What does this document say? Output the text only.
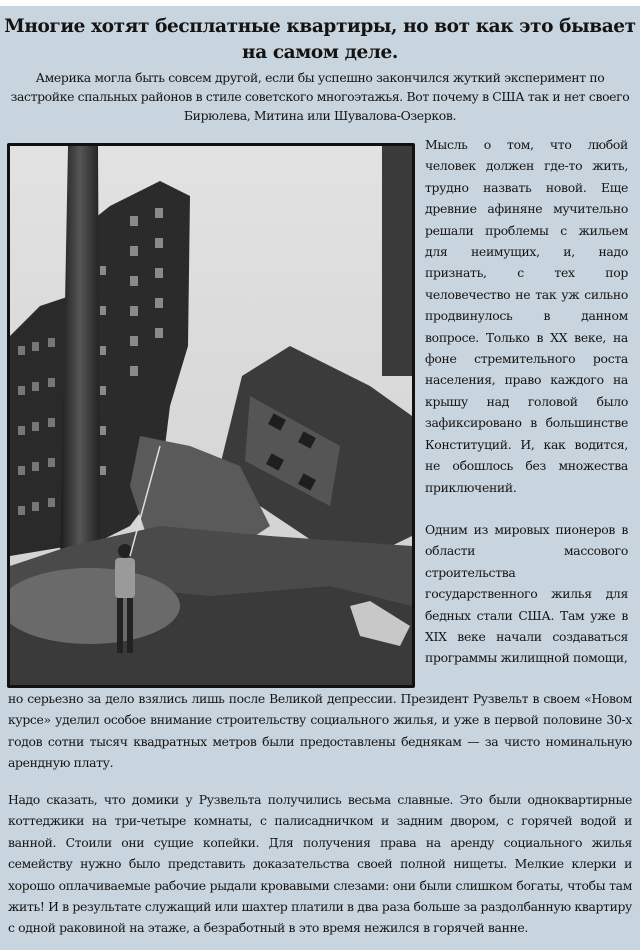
Многие хотят бесплатные квартиры, но вот как это бывает на самом деле.
Америка могла быть совсем другой, если бы успешно закончился жуткий эксперимент по застройке спальных районов в стиле советского многоэтажья. Вот почему в США так и нет своего Бирюлева, Митина или Шувалова-Озерков.

Мысль о том, что любой человек должен где-то жить, трудно назвать новой. Еще древние афиняне мучительно решали проблемы с жильем для неимущих, и, надо признать, с тех пор человечество не так уж сильно продвинулось в данном вопросе. Только в XX веке, на фоне стремительного роста населения, право каждого на крышу над головой было зафиксировано в большинстве Конституций. И, как водится, не обошлось без множества приключений.

Одним из мировых пионеров в области массового строительства государственного жилья для бедных стали США. Там уже в XIX веке начали создаваться программы жилищной помощи,

но серьезно за дело взялись лишь после Великой депрессии. Президент Рузвельт в своем «Новом курсе» уделил особое внимание строительству социального жилья, и уже в первой половине 30-х годов сотни тысяч квадратных метров были предоставлены беднякам — за чисто номинальную арендную плату.

Надо сказать, что домики у Рузвельта получились весьма славные. Это были одноквартирные коттеджики на три-четыре комнаты, с палисадничком и задним двором, с горячей водой и ванной. Стоили они сущие копейки. Для получения права на аренду социального жилья семейству нужно было представить доказательства своей полной нищеты. Мелкие клерки и хорошо оплачиваемые рабочие рыдали кровавыми слезами: они были слишком богаты, чтобы там жить! И в результате служащий или шахтер платили в два раза больше за раздолбанную квартиру с одной раковиной на этаже, а безработный в это время нежился в горячей ванне.
